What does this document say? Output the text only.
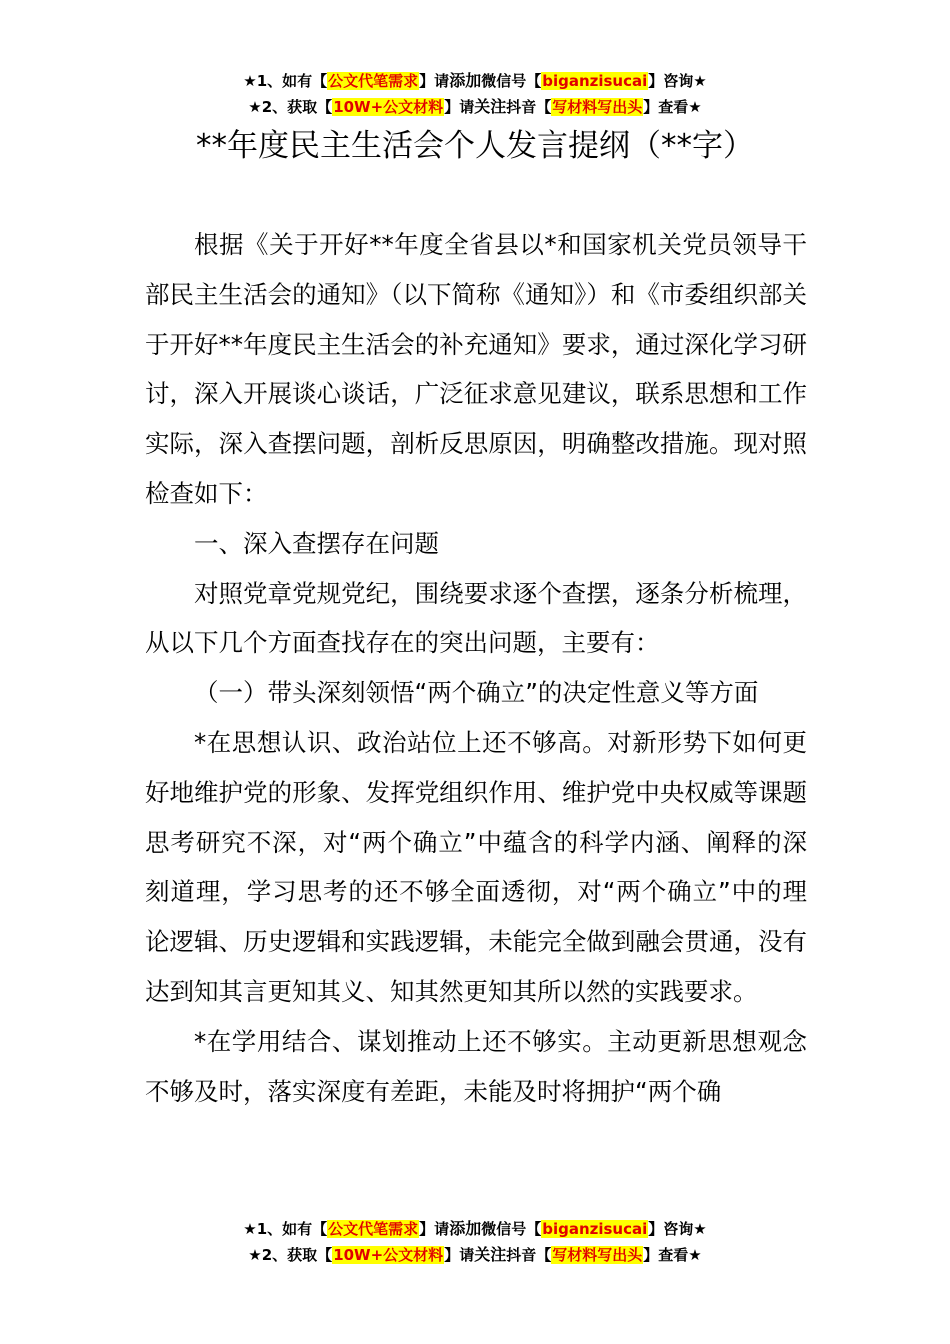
★1、如有【公文代笔需求】请添加微信号【biganzisucai】咨询★
★2、获取【10W+公文材料】请关注抖音【写材料写出头】查看★
**年度民主生活会个人发言提纲（**字）

根据《关于开好**年度全省县以*和国家机关党员领导干部民主生活会的通知》（以下简称《通知》）和《市委组织部关于开好**年度民主生活会的补充通知》要求，通过深化学习研讨，深入开展谈心谈话，广泛征求意见建议，联系思想和工作实际，深入查摆问题，剖析反思原因，明确整改措施。现对照检查如下：

一、深入查摆存在问题

对照党章党规党纪，围绕要求逐个查摆，逐条分析梳理，从以下几个方面查找存在的突出问题，主要有：

（一）带头深刻领悟“两个确立”的决定性意义等方面

*在思想认识、政治站位上还不够高。对新形势下如何更好地维护党的形象、发挥党组织作用、维护党中央权威等课题思考研究不深，对“两个确立”中蕴含的科学内涵、阐释的深刻道理，学习思考的还不够全面透彻，对“两个确立”中的理论逻辑、历史逻辑和实践逻辑，未能完全做到融会贯通，没有达到知其言更知其义、知其然更知其所以然的实践要求。

*在学用结合、谋划推动上还不够实。主动更新思想观念不够及时，落实深度有差距，未能及时将拥护“两个确

★1、如有【公文代笔需求】请添加微信号【biganzisucai】咨询★
★2、获取【10W+公文材料】请关注抖音【写材料写出头】查看★
